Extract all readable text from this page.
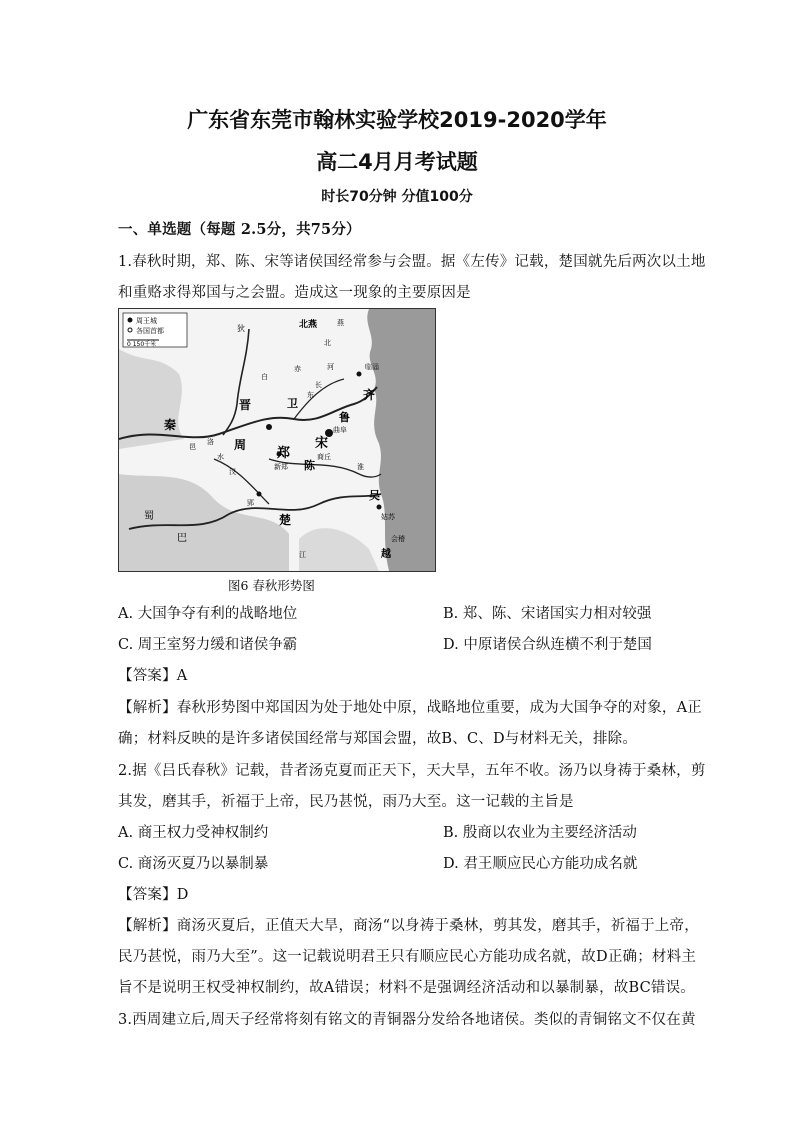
广东省东莞市翰林实验学校2019-2020学年
高二4月月考试题
时长70分钟 分值100分
一、单选题（每题 2.5分，共75分）
1.春秋时期，郑、陈、宋等诸侯国经常参与会盟。据《左传》记载，楚国就先后两次以土地
和重赂求得郑国与之会盟。造成这一现象的主要原因是
周王城
各国首都
0 150千米
北燕
晋
秦
周
郑
宋
卫
鲁
齐
楚
吴
越
陈
巴
蜀
燕
北
狄
白
赤
洛
长
东
河
淮
汉
江
水
邑
郢
会稽
临淄
曲阜
商丘
新郑
姑苏
图6 春秋形势图
A. 大国争夺有利的战略地位	B. 郑、陈、宋诸国实力相对较强
C. 周王室努力缓和诸侯争霸	D. 中原诸侯合纵连横不利于楚国
【答案】A
【解析】春秋形势图中郑国因为处于地处中原，战略地位重要，成为大国争夺的对象，A正
确；材料反映的是许多诸侯国经常与郑国会盟，故B、C、D与材料无关，排除。
2.据《吕氏春秋》记载，昔者汤克夏而正天下，天大旱，五年不收。汤乃以身祷于桑林，剪
其发，磨其手，祈福于上帝，民乃甚悦，雨乃大至。这一记载的主旨是
A. 商王权力受神权制约	B. 殷商以农业为主要经济活动
C. 商汤灭夏乃以暴制暴	D. 君王顺应民心方能功成名就
【答案】D
【解析】商汤灭夏后，正值天大旱，商汤“以身祷于桑林，剪其发，磨其手，祈福于上帝，
民乃甚悦，雨乃大至”。这一记载说明君王只有顺应民心方能功成名就，故D正确；材料主
旨不是说明王权受神权制约，故A错误；材料不是强调经济活动和以暴制暴，故BC错误。
3.西周建立后,周天子经常将刻有铭文的青铜器分发给各地诸侯。类似的青铜铭文不仅在黄
